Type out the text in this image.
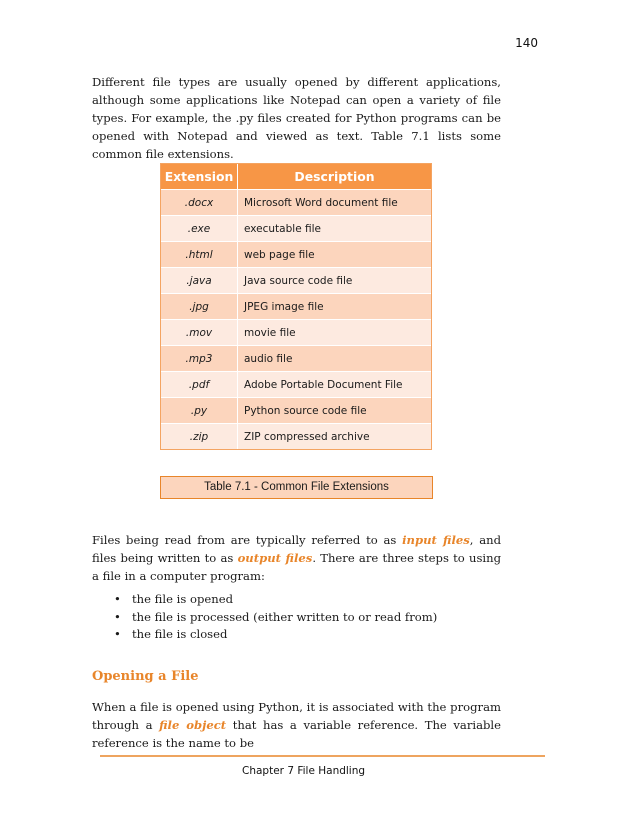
140

Different file types are usually opened by different applications, although some applications like Notepad can open a variety of file types. For example, the .py files created for Python programs can be opened with Notepad and viewed as text. Table 7.1 lists some common file extensions.

Extension	Description
.docx	Microsoft Word document file
.exe	executable file
.html	web page file
.java	Java source code file
.jpg	JPEG image file
.mov	movie file
.mp3	audio file
.pdf	Adobe Portable Document File
.py	Python source code file
.zip	ZIP compressed archive
Table 7.1 - Common File Extensions

Files being read from are typically referred to as input files, and files being written to as output files. There are three steps to using a file in a computer program:

• the file is opened
• the file is processed (either written to or read from)
• the file is closed
Opening a File

When a file is opened using Python, it is associated with the program through a file object that has a variable reference. The variable reference is the name to be

Chapter 7 File Handling
